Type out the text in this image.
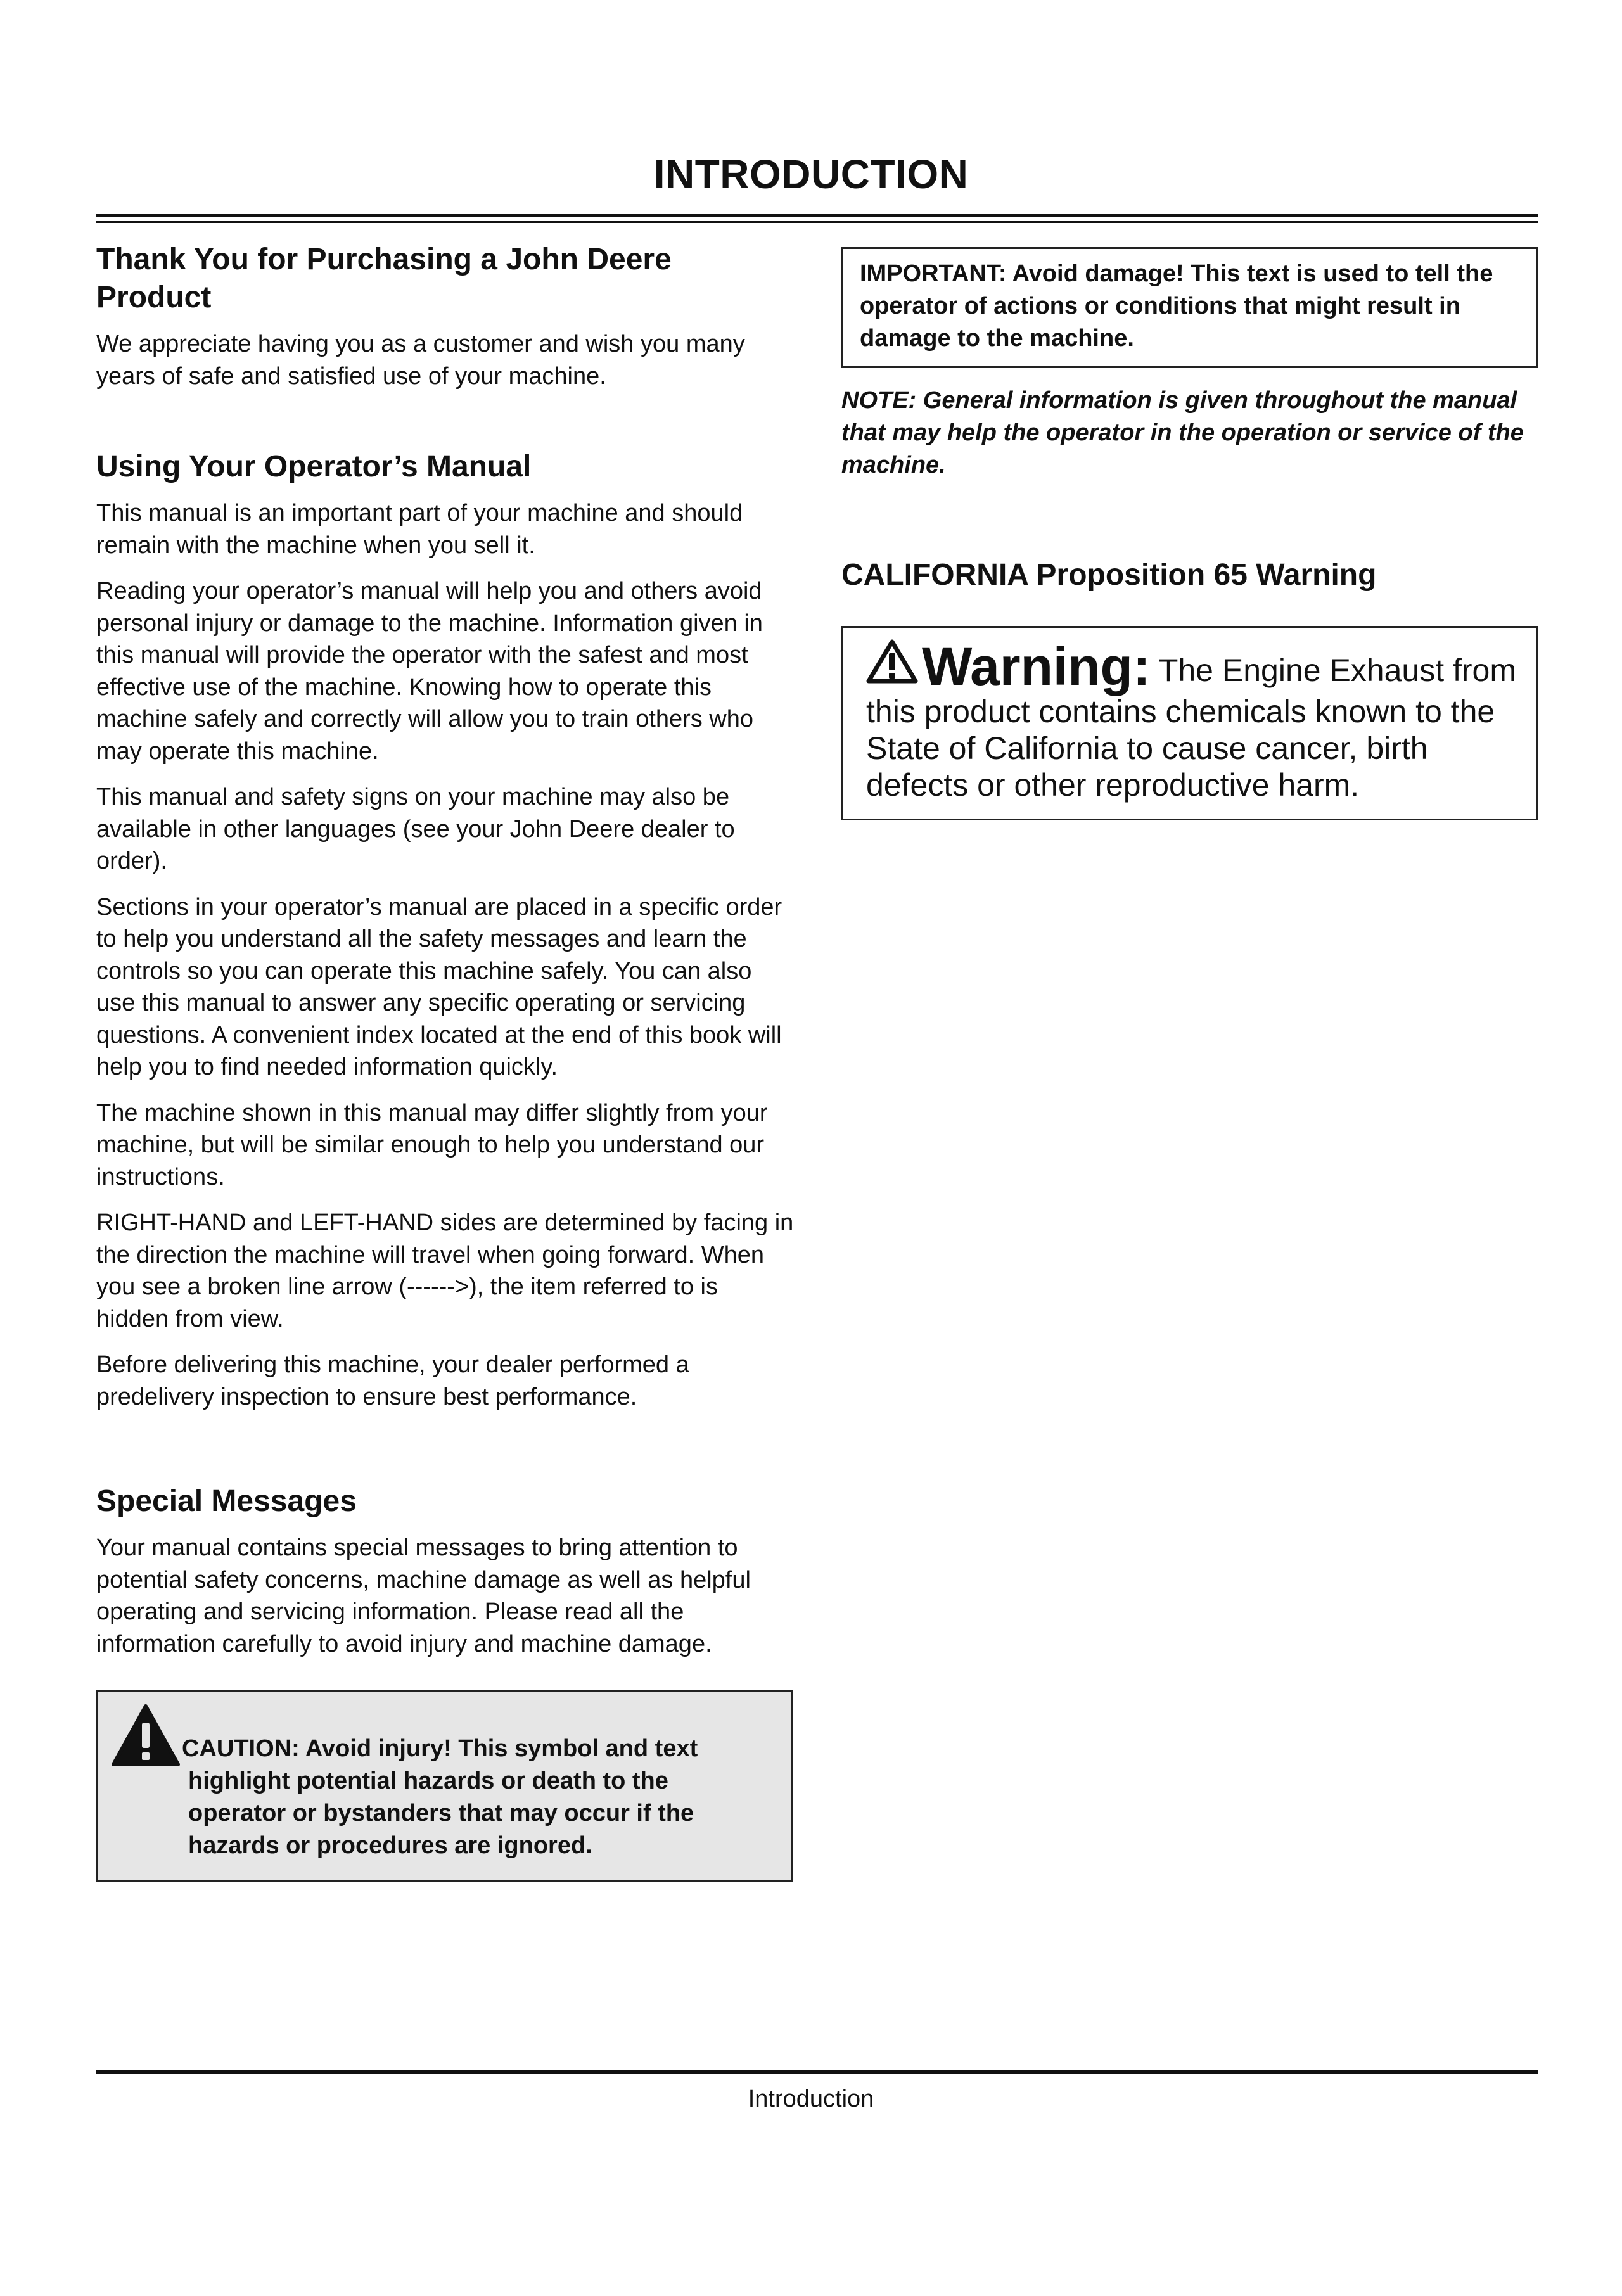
INTRODUCTION
Thank You for Purchasing a John Deere Product

We appreciate having you as a customer and wish you many years of safe and satisfied use of your machine.

Using Your Operator’s Manual

This manual is an important part of your machine and should remain with the machine when you sell it.

Reading your operator’s manual will help you and others avoid personal injury or damage to the machine. Information given in this manual will provide the operator with the safest and most effective use of the machine. Knowing how to operate this machine safely and correctly will allow you to train others who may operate this machine.

This manual and safety signs on your machine may also be available in other languages (see your John Deere dealer to order).

Sections in your operator’s manual are placed in a specific order to help you understand all the safety messages and learn the controls so you can operate this machine safely. You can also use this manual to answer any specific operating or servicing questions. A convenient index located at the end of this book will help you to find needed information quickly.

The machine shown in this manual may differ slightly from your machine, but will be similar enough to help you understand our instructions.

RIGHT-HAND and LEFT-HAND sides are determined by facing in the direction the machine will travel when going forward. When you see a broken line arrow (------>), the item referred to is hidden from view.

Before delivering this machine, your dealer performed a predelivery inspection to ensure best performance.

Special Messages

Your manual contains special messages to bring attention to potential safety concerns, machine damage as well as helpful operating and servicing information. Please read all the information carefully to avoid injury and machine damage.

CAUTION: Avoid injury! This symbol and text highlight potential hazards or death to the operator or bystanders that may occur if the hazards or procedures are ignored.

IMPORTANT: Avoid damage! This text is used to tell the operator of actions or conditions that might result in damage to the machine.

NOTE: General information is given throughout the manual that may help the operator in the operation or service of the machine.

CALIFORNIA Proposition 65 Warning

Warning: The Engine Exhaust from this product contains chemicals known to the State of California to cause cancer, birth defects or other reproductive harm.

Introduction
